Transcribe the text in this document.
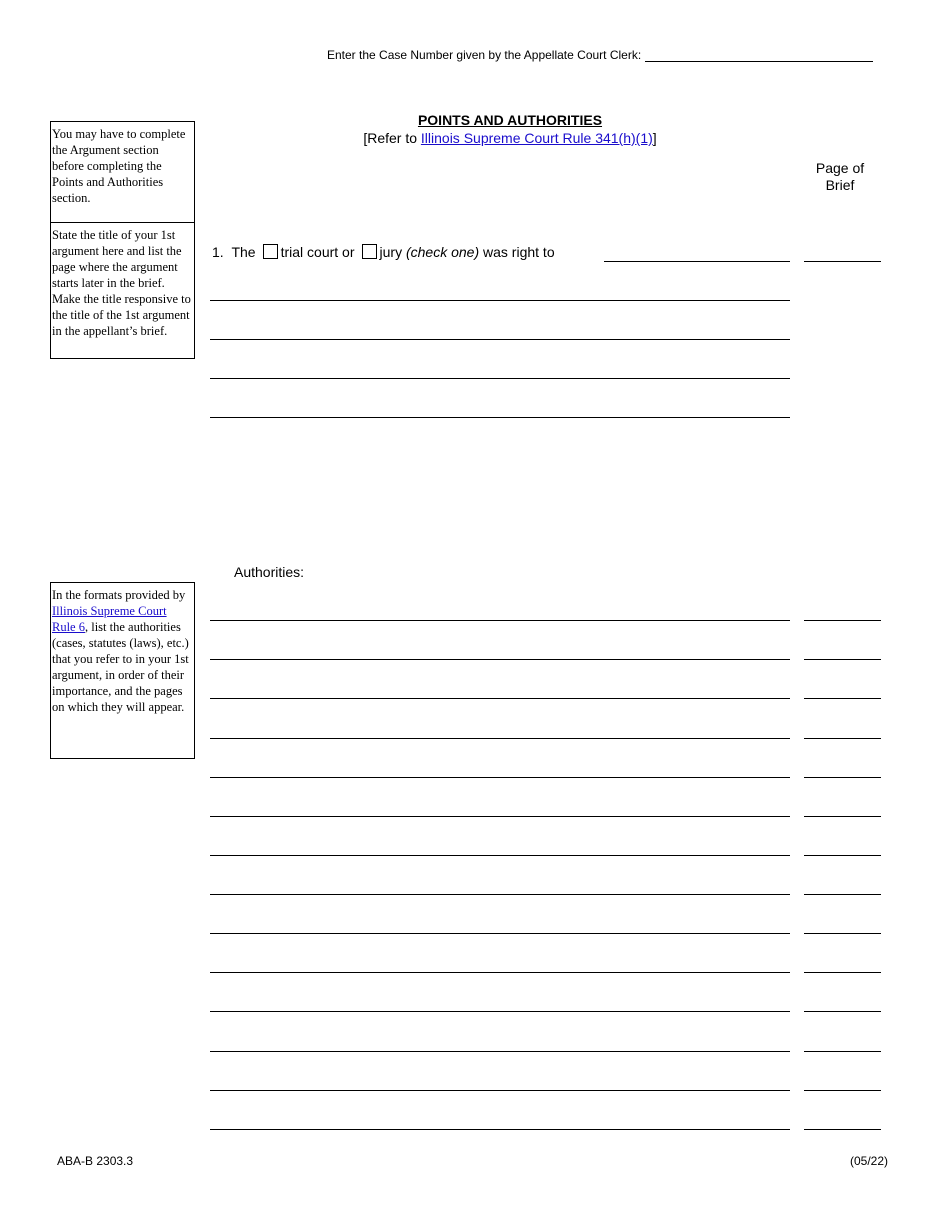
Enter the Case Number given by the Appellate Court Clerk:
POINTS AND AUTHORITIES
[Refer to Illinois Supreme Court Rule 341(h)(1)]
Page of
Brief
You may have to complete the Argument section before completing the Points and Authorities section.
State the title of your 1st argument here and list the page where the argument starts later in the brief. Make the title responsive to the title of the 1st argument in the appellant’s brief.
In the formats provided by Illinois Supreme Court Rule 6, list the authorities (cases, statutes (laws), etc.) that you refer to in your 1st argument, in order of their importance, and the pages on which they will appear.
1. The trial court or jury (check one) was right to
Authorities:
ABA-B 2303.3	(05/22)
